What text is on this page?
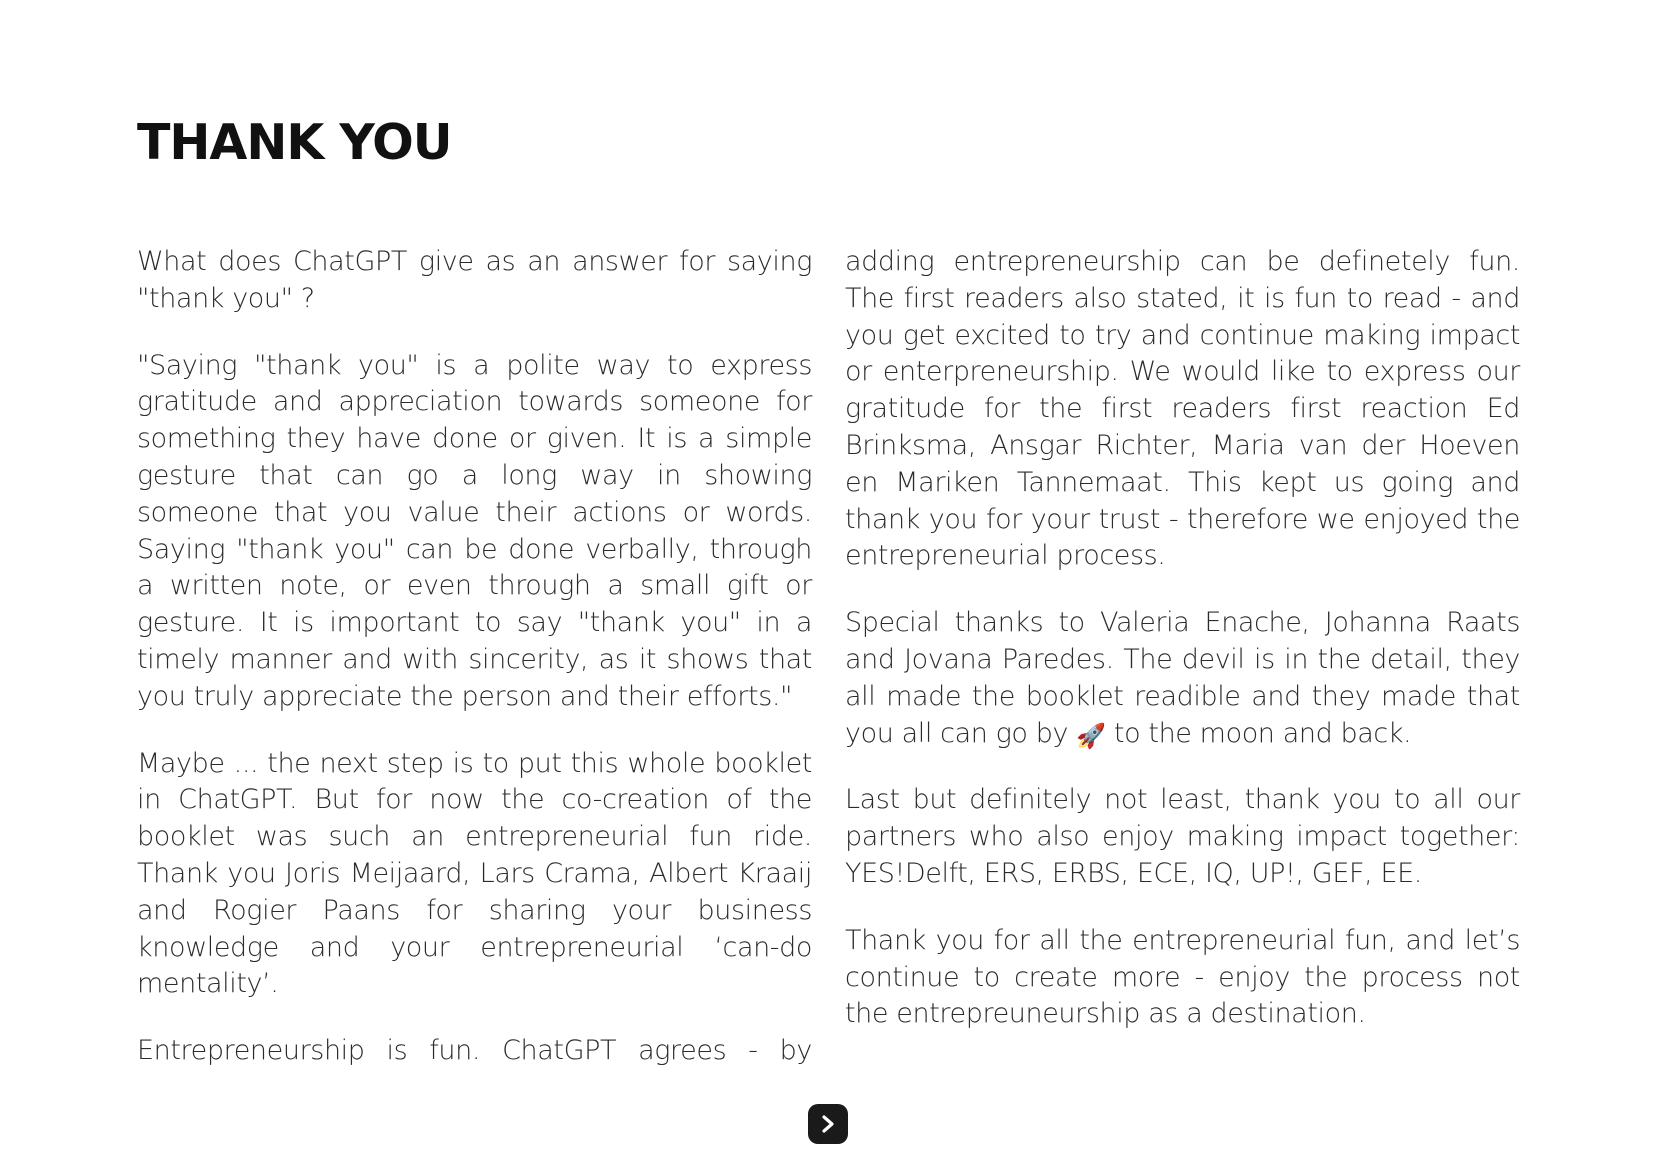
THANK YOU

What does ChatGPT give as an answer for saying "thank you" ?

"Saying "thank you" is a polite way to express gratitude and appreciation towards someone for something they have done or given. It is a simple gesture that can go a long way in showing someone that you value their actions or words. Saying "thank you" can be done verbally, through a written note, or even through a small gift or gesture. It is important to say "thank you" in a timely manner and with sincerity, as it shows that you truly appreciate the person and their efforts."

Maybe ... the next step is to put this whole booklet in ChatGPT. But for now the co-creation of the booklet was such an entrepreneurial fun ride. Thank you Joris Meijaard, Lars Crama, Albert Kraaij and Rogier Paans for sharing your business knowledge and your entrepreneurial ‘can-do mentality’.

Entrepreneurship is fun. ChatGPT agrees - by

adding entrepreneurship can be definetely fun. The first readers also stated, it is fun to read - and you get excited to try and continue making impact or enterpreneurship. We would like to express our gratitude for the first readers first reaction Ed Brinksma, Ansgar Richter, Maria van der Hoeven en Mariken Tannemaat. This kept us going and thank you for your trust - therefore we enjoyed the entrepreneurial process.

Special thanks to Valeria Enache, Johanna Raats and Jovana Paredes. The devil is in the detail, they all made the booklet readible and they made that you all can go by 🚀 to the moon and back.

Last but definitely not least, thank you to all our partners who also enjoy making impact together: YES!Delft, ERS, ERBS, ECE, IQ, UP!, GEF, EE.

Thank you for all the entrepreneurial fun, and let’s continue to create more - enjoy the process not the entrepreuneurship as a destination.
